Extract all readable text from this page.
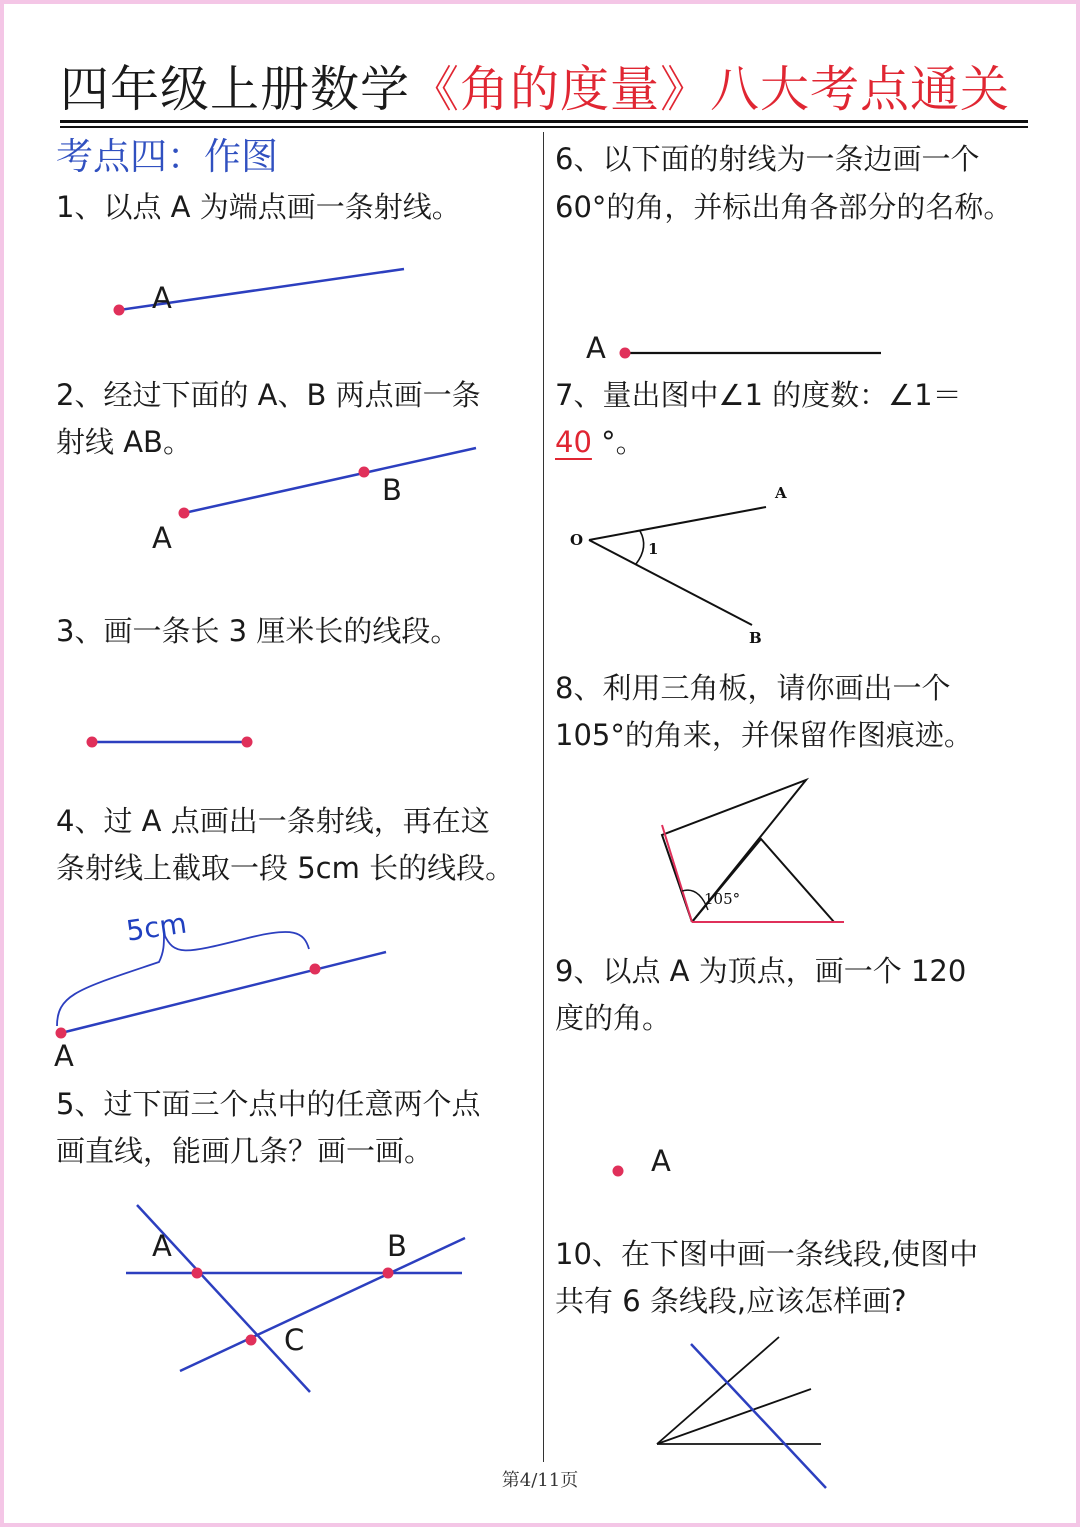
四年级上册数学《角的度量》八大考点通关
考点四：作图
1、以点 A 为端点画一条射线。
2、经过下面的 A、B 两点画一条
射线 AB。
3、画一条长 3 厘米长的线段。
4、过 A 点画出一条射线，再在这
条射线上截取一段 5cm 长的线段。
5、过下面三个点中的任意两个点
画直线，能画几条？画一画。
6、以下面的射线为一条边画一个
60°的角，并标出角各部分的名称。
7、量出图中∠1 的度数：∠1＝
40 °。
8、利用三角板，请你画出一个
105°的角来，并保留作图痕迹。
9、以点 A 为顶点，画一个 120
度的角。
10、在下图中画一条线段,使图中
共有 6 条线段,应该怎样画?
A
B
A
5cm
A
A	B
C
A
O
A
B
1
105°
A
第4/11页
